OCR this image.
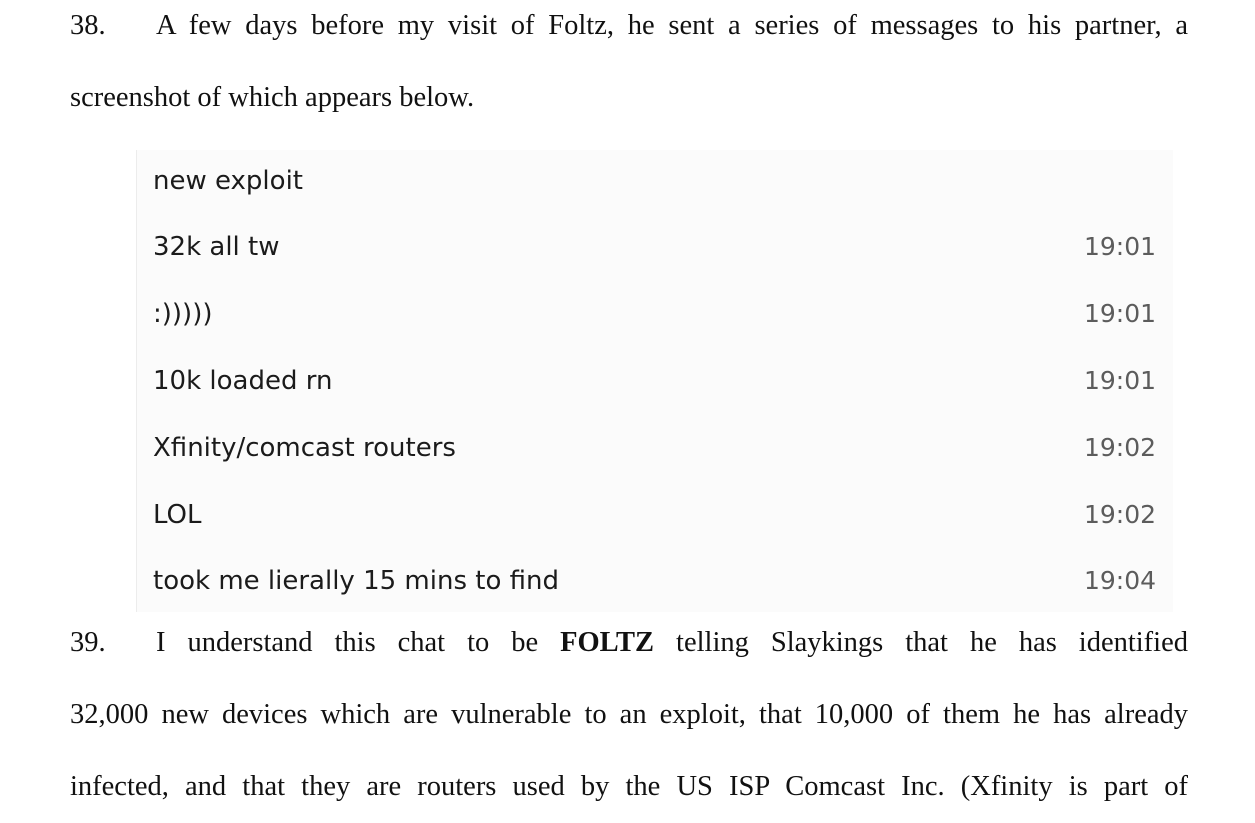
38. A few days before my visit of Foltz, he sent a series of messages to his partner, a
screenshot of which appears below.
new exploit
32k all tw	19:01
:)))))	19:01
10k loaded rn	19:01
Xfinity/comcast routers	19:02
LOL	19:02
took me lierally 15 mins to find	19:04
39. I understand this chat to be FOLTZ telling Slaykings that he has identified
32,000 new devices which are vulnerable to an exploit, that 10,000 of them he has already
infected, and that they are routers used by the US ISP Comcast Inc. (Xfinity is part of
